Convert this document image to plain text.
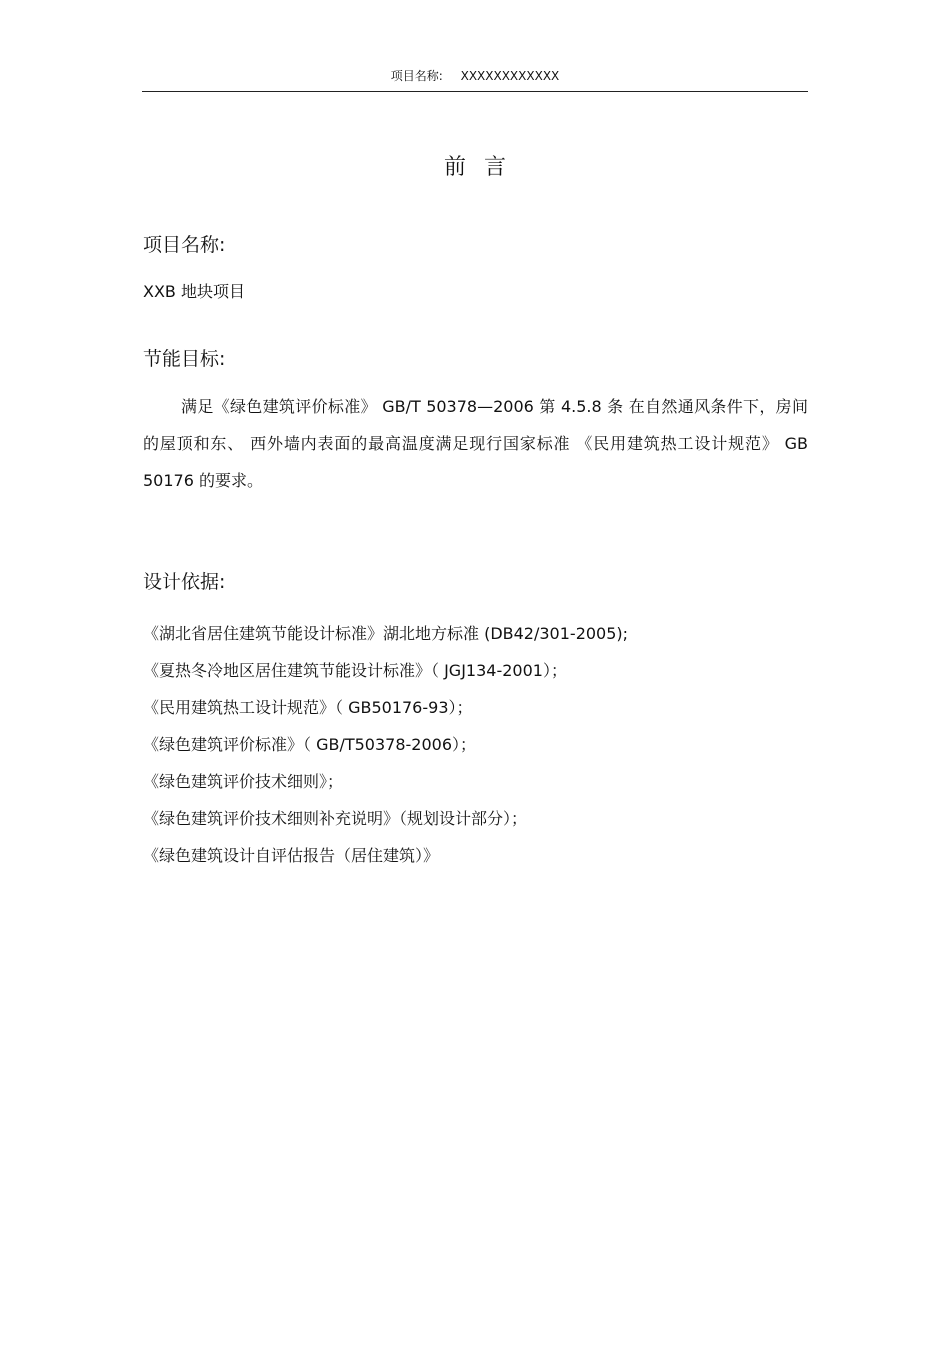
项目名称: XXXXXXXXXXXX
前言
项目名称:
XXB 地块项目
节能目标:
满足《绿色建筑评价标准》 GB/T 50378—2006 第 4.5.8 条 在自然通风条件下，房间的屋顶和东、 西外墙内表面的最高温度满足现行国家标准 《民用建筑热工设计规范》 GB 50176 的要求。
设计依据:
《湖北省居住建筑节能设计标准》湖北地方标准 (DB42/301-2005);
《夏热冬冷地区居住建筑节能设计标准》（ JGJ134-2001）；
《民用建筑热工设计规范》（ GB50176-93）；
《绿色建筑评价标准》（ GB/T50378-2006）；
《绿色建筑评价技术细则》；
《绿色建筑评价技术细则补充说明》（规划设计部分）；
《绿色建筑设计自评估报告（居住建筑）》
